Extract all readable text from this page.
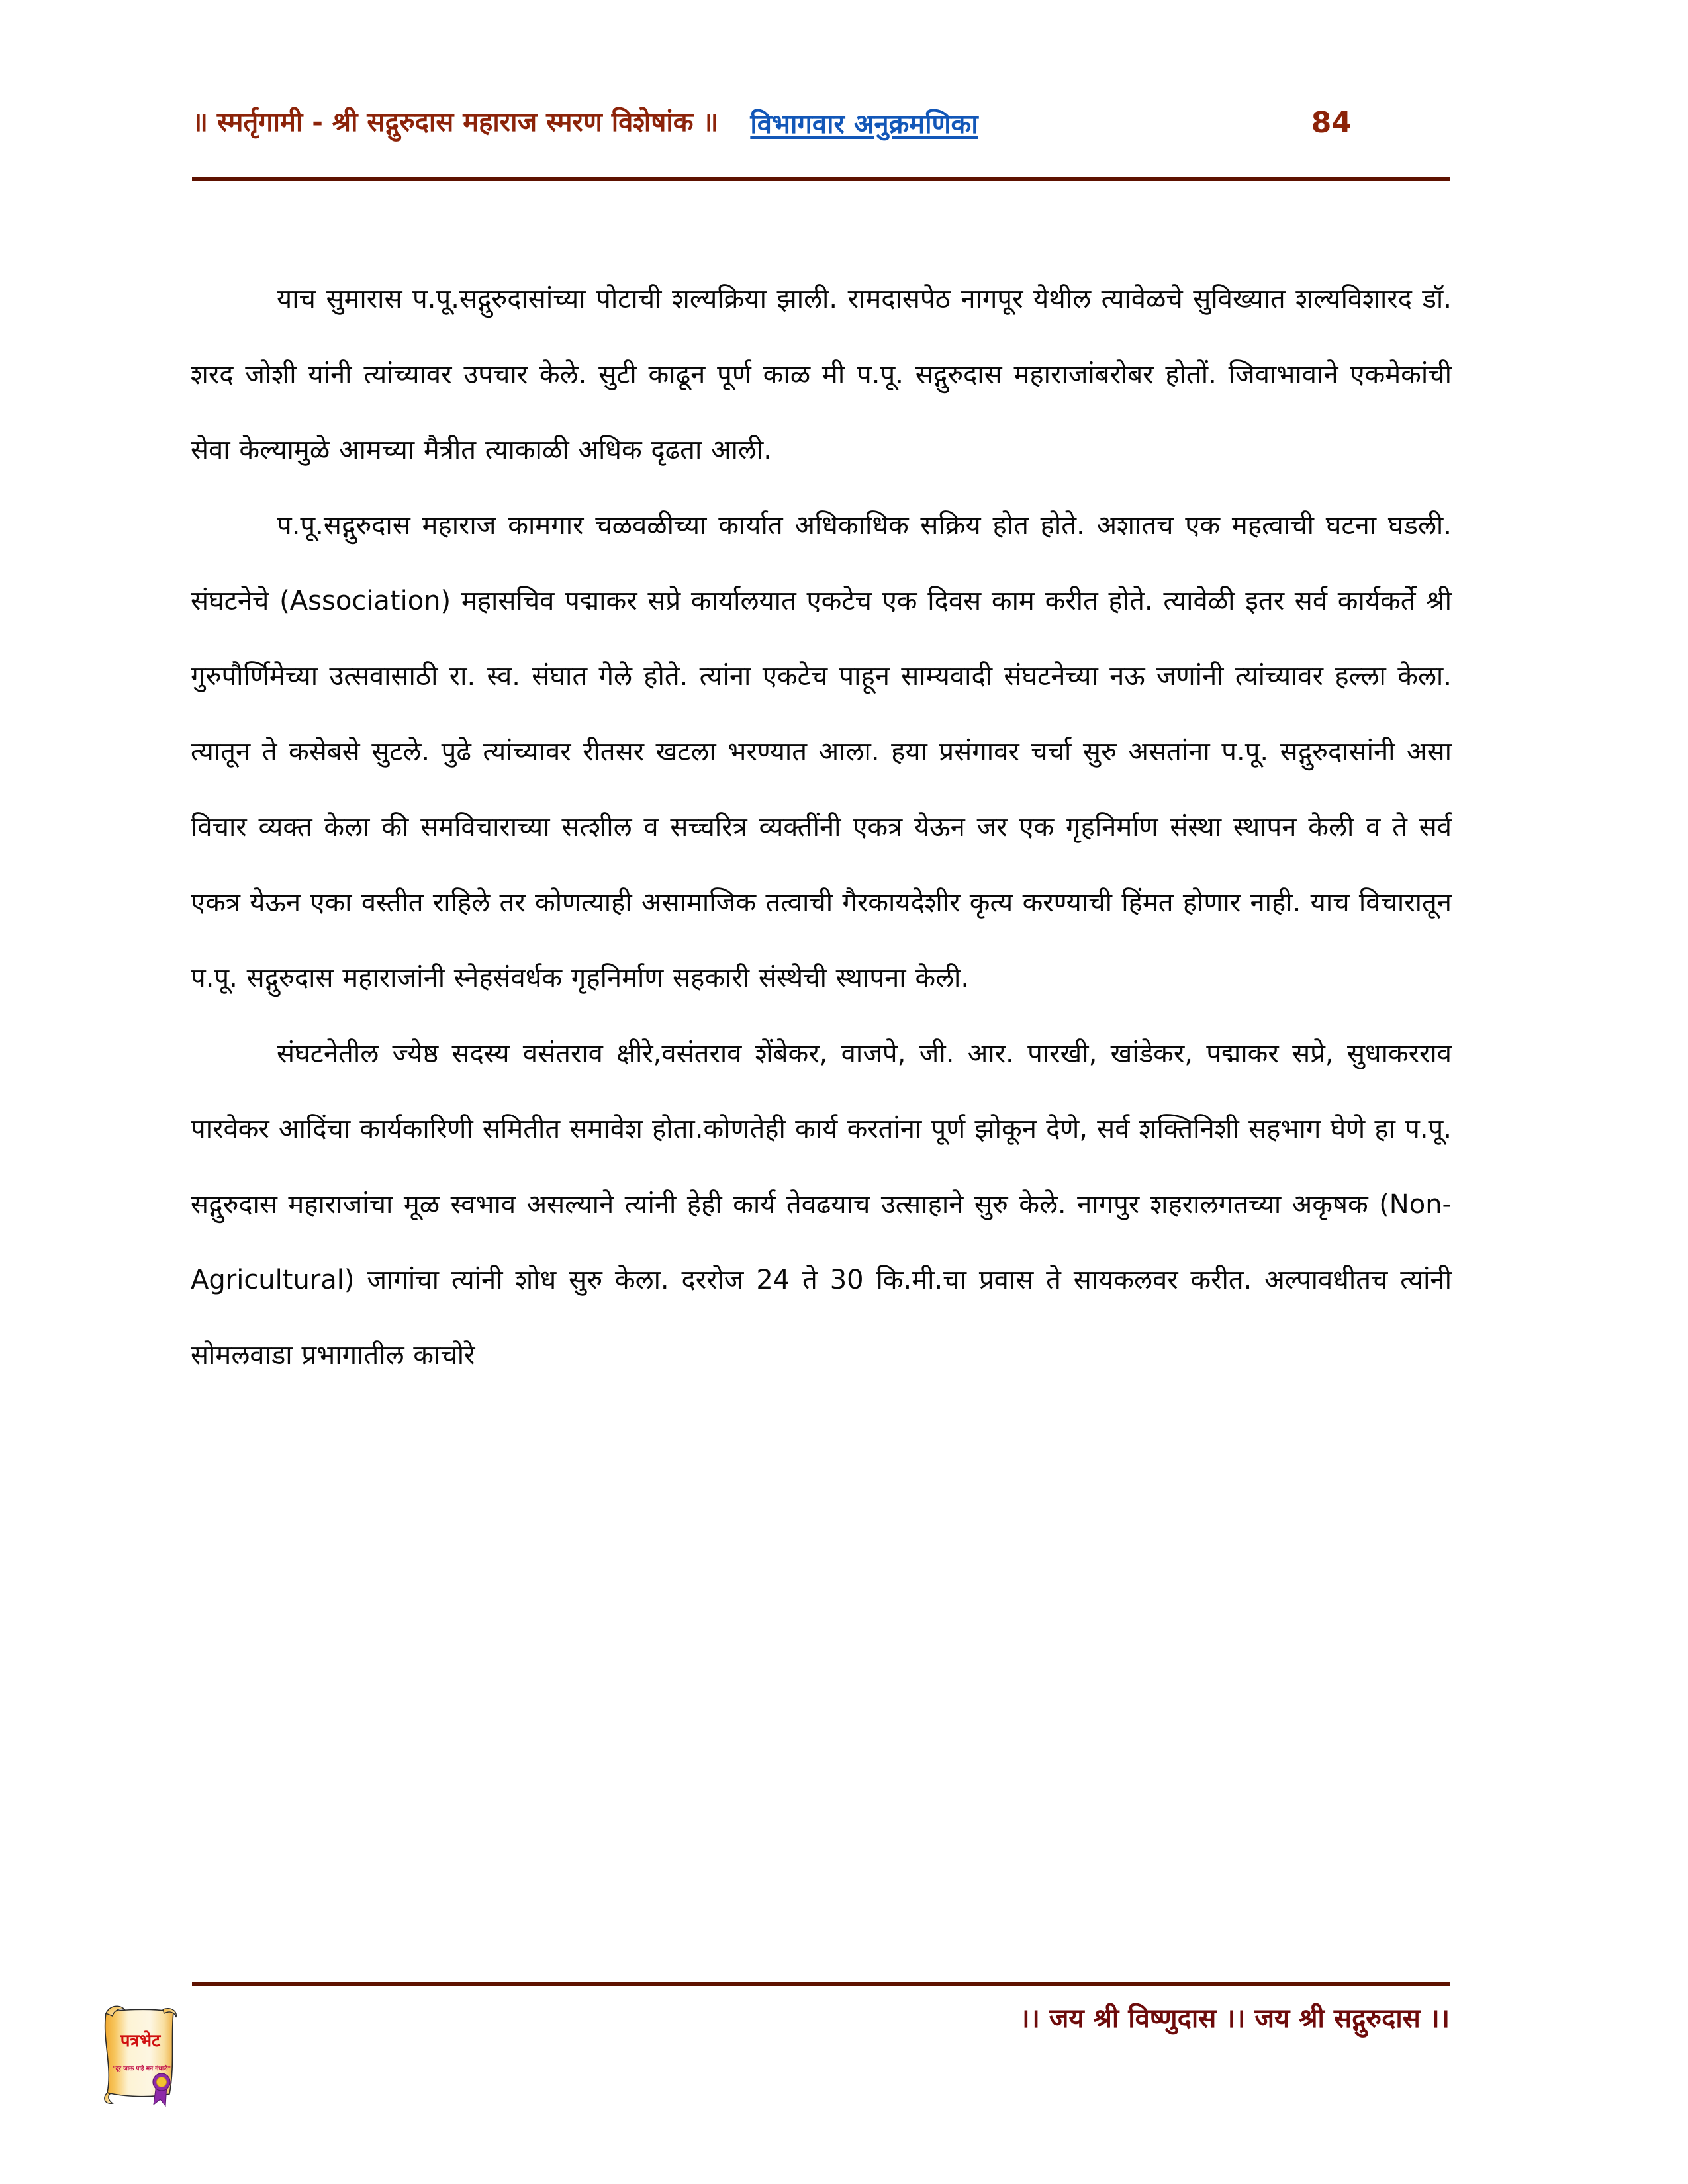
॥ स्मर्तृगामी - श्री सद्गुरुदास महाराज स्मरण विशेषांक ॥ विभागवार अनुक्रमणिका	84

याच सुमारास प.पू.सद्गुरुदासांच्या पोटाची शल्यक्रिया झाली. रामदासपेठ नागपूर येथील त्यावेळचे सुविख्यात शल्यविशारद डॉ. शरद जोशी यांनी त्यांच्यावर उपचार केले. सुटी काढून पूर्ण काळ मी प.पू. सद्गुरुदास महाराजांबरोबर होतों. जिवाभावाने एकमेकांची सेवा केल्यामुळे आमच्या मैत्रीत त्याकाळी अधिक दृढता आली.

प.पू.सद्गुरुदास महाराज कामगार चळवळीच्या कार्यात अधिकाधिक सक्रिय होत होते. अशातच एक महत्वाची घटना घडली. संघटनेचे (Association) महासचिव पद्माकर सप्रे कार्यालयात एकटेच एक दिवस काम करीत होते. त्यावेळी इतर सर्व कार्यकर्ते श्री गुरुपौर्णिमेच्या उत्सवासाठी रा. स्व. संघात गेले होते. त्यांना एकटेच पाहून साम्यवादी संघटनेच्या नऊ जणांनी त्यांच्यावर हल्ला केला. त्यातून ते कसेबसे सुटले. पुढे त्यांच्यावर रीतसर खटला भरण्यात आला. हया प्रसंगावर चर्चा सुरु असतांना प.पू. सद्गुरुदासांनी असा विचार व्यक्त केला की समविचाराच्या सत्शील व सच्चरित्र व्यक्तींनी एकत्र येऊन जर एक गृहनिर्माण संस्था स्थापन केली व ते सर्व एकत्र येऊन एका वस्तीत राहिले तर कोणत्याही असामाजिक तत्वाची गैरकायदेशीर कृत्य करण्याची हिंमत होणार नाही. याच विचारातून प.पू. सद्गुरुदास महाराजांनी स्नेहसंवर्धक गृहनिर्माण सहकारी संस्थेची स्थापना केली.

संघटनेतील ज्येष्ठ सदस्य वसंतराव क्षीरे,वसंतराव शेंबेकर, वाजपे, जी. आर. पारखी, खांडेकर, पद्माकर सप्रे, सुधाकरराव पारवेकर आदिंचा कार्यकारिणी समितीत समावेश होता.कोणतेही कार्य करतांना पूर्ण झोकून देणे, सर्व शक्तिनिशी सहभाग घेणे हा प.पू. सद्गुरुदास महाराजांचा मूळ स्वभाव असल्याने त्यांनी हेही कार्य तेवढयाच उत्साहाने सुरु केले. नागपुर शहरालगतच्या अकृषक (Non-Agricultural) जागांचा त्यांनी शोध सुरु केला. दररोज 24 ते 30 कि.मी.चा प्रवास ते सायकलवर करीत. अल्पावधीतच त्यांनी सोमलवाडा प्रभागातील काचोरे

पत्रभेट
"दूर जाऊ पाहे मन गंधाले"
।। जय श्री विष्णुदास ।। जय श्री सद्गुरुदास ।।
